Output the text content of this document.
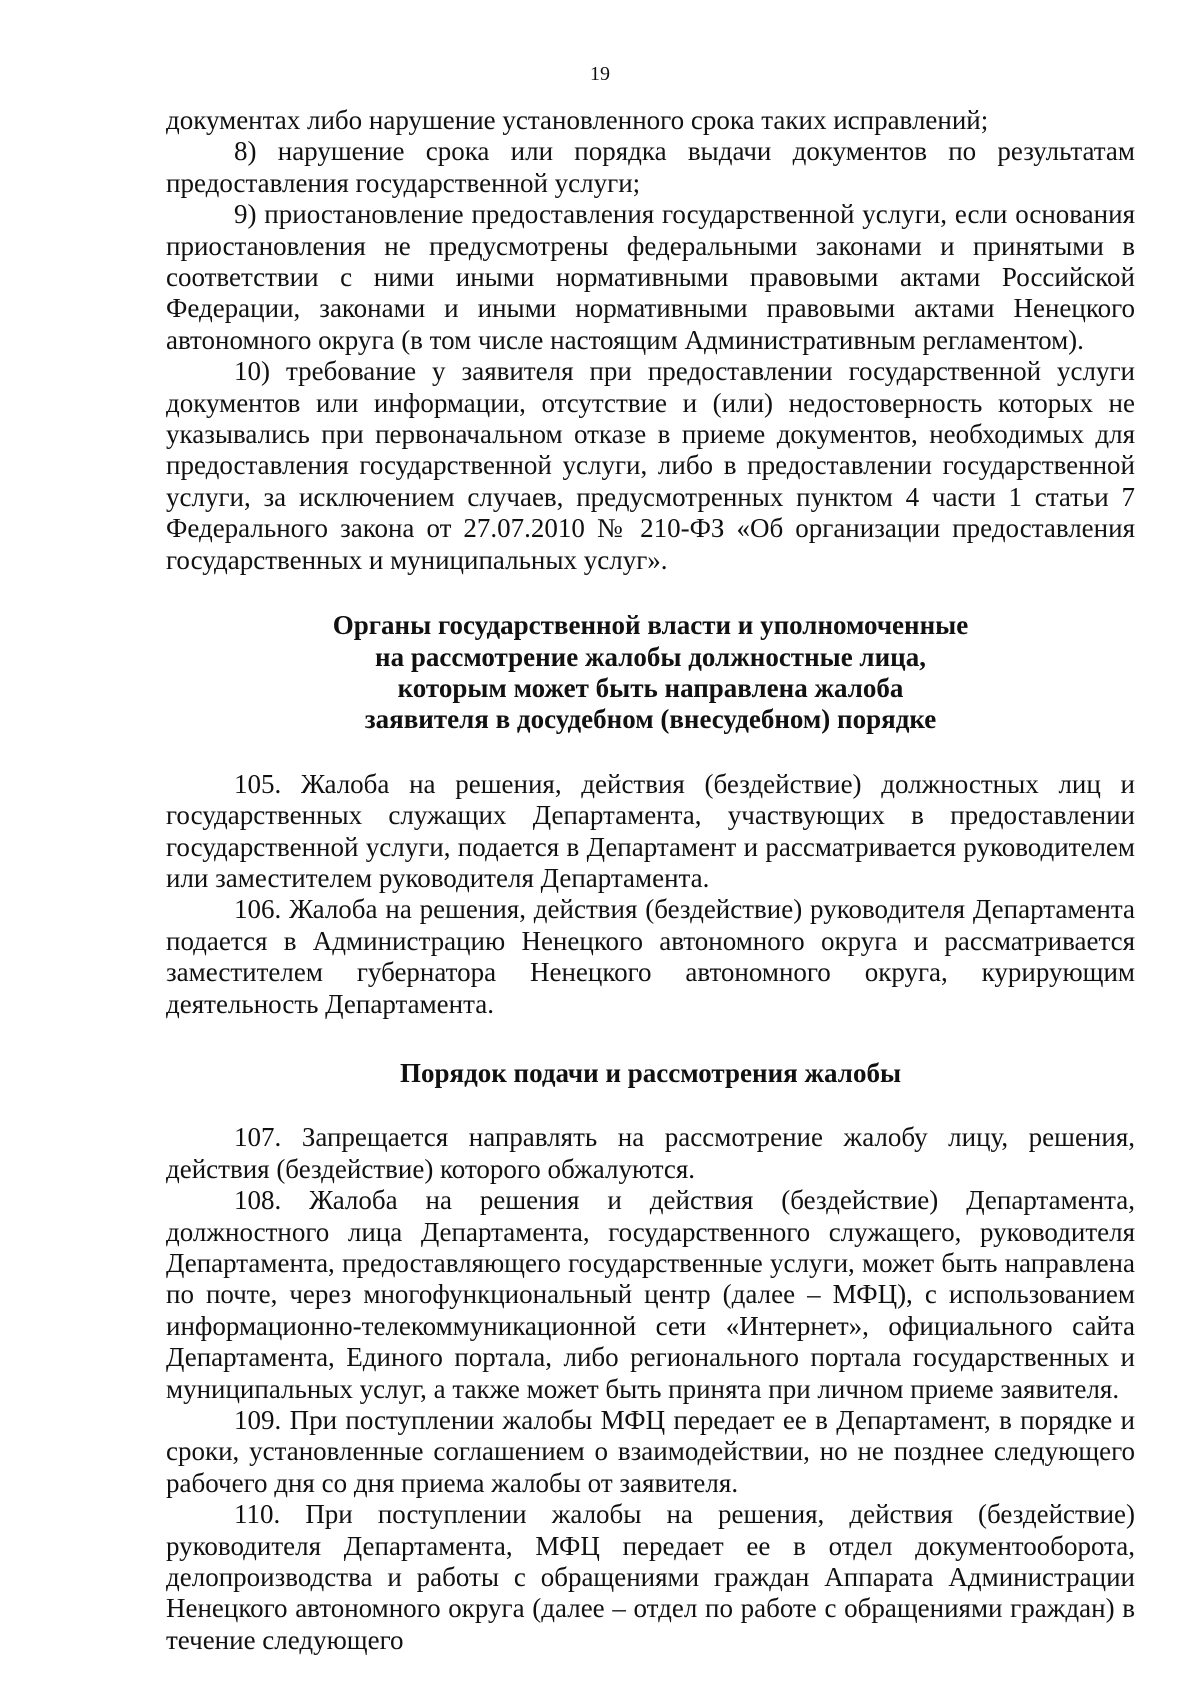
19

документах либо нарушение установленного срока таких исправлений;

8) нарушение срока или порядка выдачи документов по результатам предоставления государственной услуги;

9) приостановление предоставления государственной услуги, если основания приостановления не предусмотрены федеральными законами и принятыми в соответствии с ними иными нормативными правовыми актами Российской Федерации, законами и иными нормативными правовыми актами Ненецкого автономного округа (в том числе настоящим Административным регламентом).

10) требование у заявителя при предоставлении государственной услуги документов или информации, отсутствие и (или) недостоверность которых не указывались при первоначальном отказе в приеме документов, необходимых для предоставления государственной услуги, либо в предоставлении государственной услуги, за исключением случаев, предусмотренных пунктом 4 части 1 статьи 7 Федерального закона от 27.07.2010 № 210-ФЗ «Об организации предоставления государственных и муниципальных услуг».

Органы государственной власти и уполномоченные

на рассмотрение жалобы должностные лица,

которым может быть направлена жалоба

заявителя в досудебном (внесудебном) порядке

105. Жалоба на решения, действия (бездействие) должностных лиц и государственных служащих Департамента, участвующих в предоставлении государственной услуги, подается в Департамент и рассматривается руководителем или заместителем руководителя Департамента.

106. Жалоба на решения, действия (бездействие) руководителя Департамента подается в Администрацию Ненецкого автономного округа и рассматривается заместителем губернатора Ненецкого автономного округа, курирующим деятельность Департамента.

Порядок подачи и рассмотрения жалобы

107. Запрещается направлять на рассмотрение жалобу лицу, решения, действия (бездействие) которого обжалуются.

108. Жалоба на решения и действия (бездействие) Департамента, должностного лица Департамента, государственного служащего, руководителя Департамента, предоставляющего государственные услуги, может быть направлена по почте, через многофункциональный центр (далее – МФЦ), с использованием информационно-телекоммуникационной сети «Интернет», официального сайта Департамента, Единого портала, либо регионального портала государственных и муниципальных услуг, а также может быть принята при личном приеме заявителя.

109. При поступлении жалобы МФЦ передает ее в Департамент, в порядке и сроки, установленные соглашением о взаимодействии, но не позднее следующего рабочего дня со дня приема жалобы от заявителя.

110. При поступлении жалобы на решения, действия (бездействие) руководителя Департамента, МФЦ передает ее в отдел документооборота, делопроизводства и работы с обращениями граждан Аппарата Администрации Ненецкого автономного округа (далее – отдел по работе с обращениями граждан) в течение следующего
